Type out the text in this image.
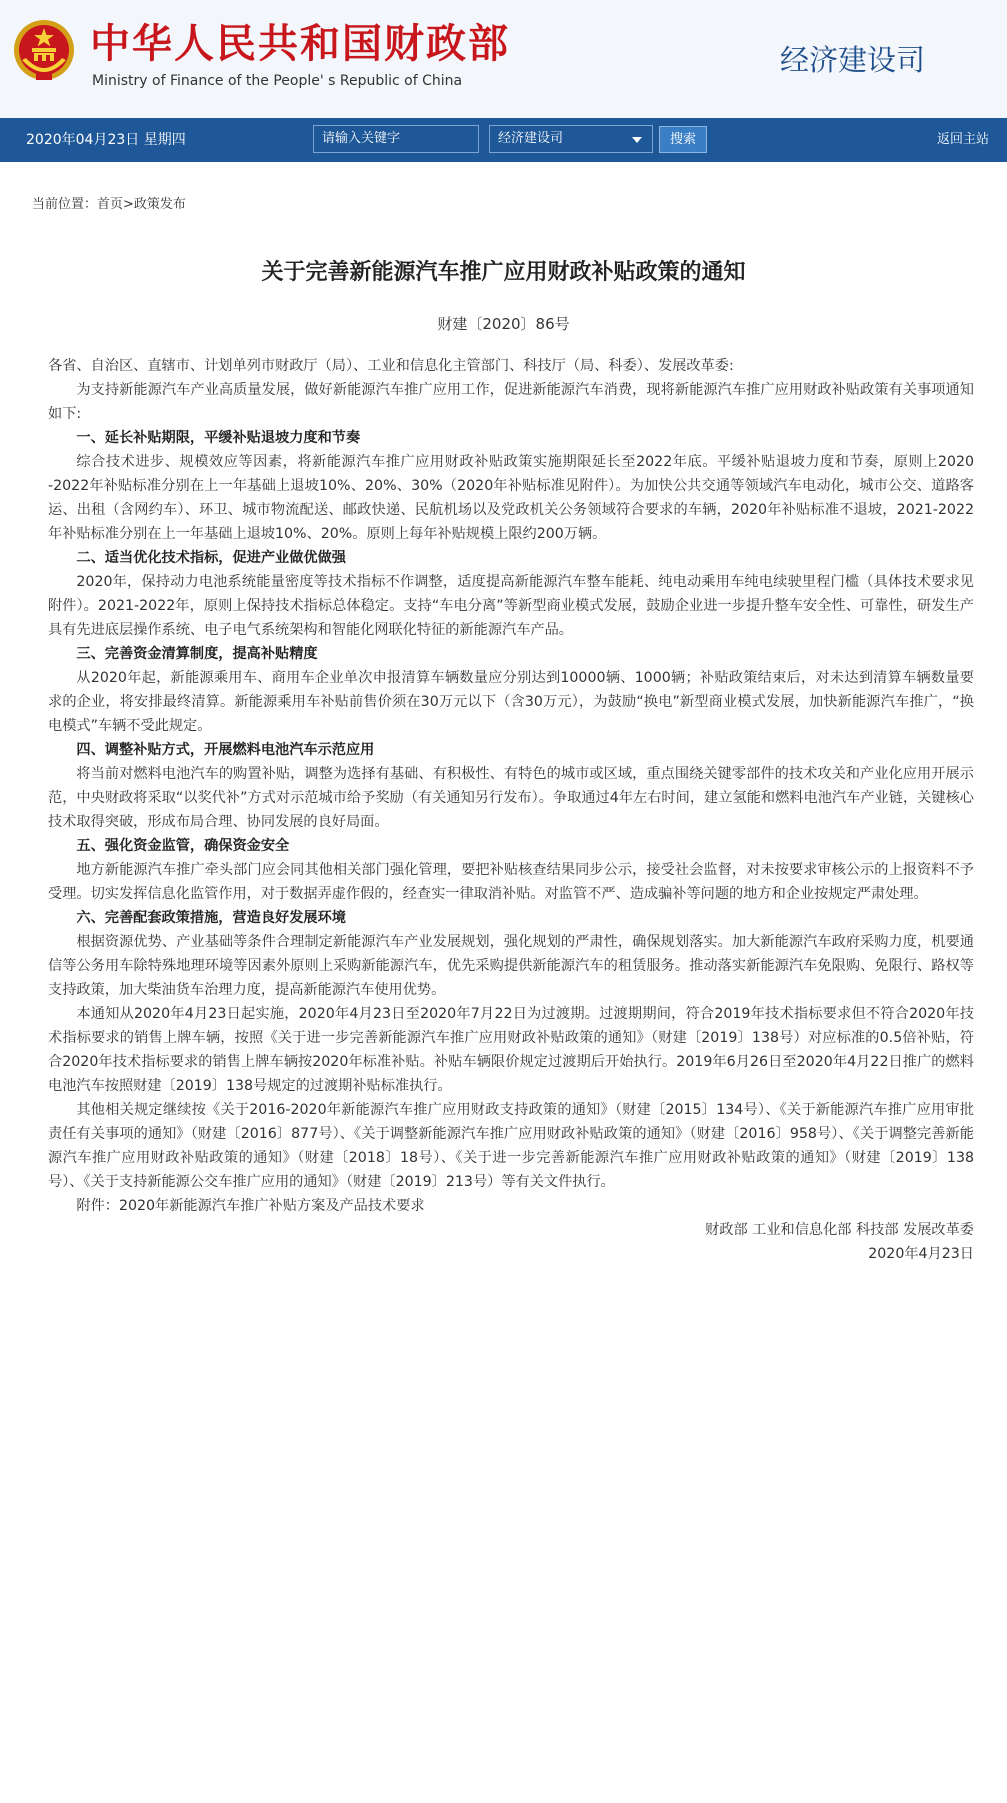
中华人民共和国财政部
Ministry of Finance of the People' s Republic of China
经济建设司
2020年04月23日 星期四	请输入关键字	经济建设司	搜索	返回主站
当前位置：首页>政策发布
关于完善新能源汽车推广应用财政补贴政策的通知
财建〔2020〕86号

各省、自治区、直辖市、计划单列市财政厅（局）、工业和信息化主管部门、科技厅（局、科委）、发展改革委:

为支持新能源汽车产业高质量发展，做好新能源汽车推广应用工作，促进新能源汽车消费，现将新能源汽车推广应用财政补贴政策有关事项通知如下:

一、延长补贴期限，平缓补贴退坡力度和节奏

综合技术进步、规模效应等因素，将新能源汽车推广应用财政补贴政策实施期限延长至2022年底。平缓补贴退坡力度和节奏，原则上2020 -2022年补贴标准分别在上一年基础上退坡10%、20%、30%（2020年补贴标准见附件）。为加快公共交通等领域汽车电动化，城市公交、道路客运、出租（含网约车）、环卫、城市物流配送、邮政快递、民航机场以及党政机关公务领域符合要求的车辆，2020年补贴标准不退坡，2021-2022年补贴标准分别在上一年基础上退坡10%、20%。原则上每年补贴规模上限约200万辆。

二、适当优化技术指标，促进产业做优做强

2020年，保持动力电池系统能量密度等技术指标不作调整，适度提高新能源汽车整车能耗、纯电动乘用车纯电续驶里程门槛（具体技术要求见附件）。2021-2022年，原则上保持技术指标总体稳定。支持“车电分离”等新型商业模式发展，鼓励企业进一步提升整车安全性、可靠性，研发生产具有先进底层操作系统、电子电气系统架构和智能化网联化特征的新能源汽车产品。

三、完善资金清算制度，提高补贴精度

从2020年起，新能源乘用车、商用车企业单次申报清算车辆数量应分别达到10000辆、1000辆；补贴政策结束后，对未达到清算车辆数量要求的企业，将安排最终清算。新能源乘用车补贴前售价须在30万元以下（含30万元），为鼓励“换电”新型商业模式发展，加快新能源汽车推广，“换电模式”车辆不受此规定。

四、调整补贴方式，开展燃料电池汽车示范应用

将当前对燃料电池汽车的购置补贴，调整为选择有基础、有积极性、有特色的城市或区域，重点围绕关键零部件的技术攻关和产业化应用开展示范，中央财政将采取“以奖代补”方式对示范城市给予奖励（有关通知另行发布）。争取通过4年左右时间，建立氢能和燃料电池汽车产业链，关键核心技术取得突破，形成布局合理、协同发展的良好局面。

五、强化资金监管，确保资金安全

地方新能源汽车推广牵头部门应会同其他相关部门强化管理，要把补贴核查结果同步公示，接受社会监督，对未按要求审核公示的上报资料不予受理。切实发挥信息化监管作用，对于数据弄虚作假的，经查实一律取消补贴。对监管不严、造成骗补等问题的地方和企业按规定严肃处理。

六、完善配套政策措施，营造良好发展环境

根据资源优势、产业基础等条件合理制定新能源汽车产业发展规划，强化规划的严肃性，确保规划落实。加大新能源汽车政府采购力度，机要通信等公务用车除特殊地理环境等因素外原则上采购新能源汽车，优先采购提供新能源汽车的租赁服务。推动落实新能源汽车免限购、免限行、路权等支持政策，加大柴油货车治理力度，提高新能源汽车使用优势。

本通知从2020年4月23日起实施，2020年4月23日至2020年7月22日为过渡期。过渡期期间，符合2019年技术指标要求但不符合2020年技术指标要求的销售上牌车辆，按照《关于进一步完善新能源汽车推广应用财政补贴政策的通知》（财建〔2019〕138号）对应标准的0.5倍补贴，符合2020年技术指标要求的销售上牌车辆按2020年标准补贴。补贴车辆限价规定过渡期后开始执行。2019年6月26日至2020年4月22日推广的燃料电池汽车按照财建〔2019〕138号规定的过渡期补贴标准执行。

其他相关规定继续按《关于2016-2020年新能源汽车推广应用财政支持政策的通知》（财建〔2015〕134号）、《关于新能源汽车推广应用审批责任有关事项的通知》（财建〔2016〕877号）、《关于调整新能源汽车推广应用财政补贴政策的通知》（财建〔2016〕958号）、《关于调整完善新能源汽车推广应用财政补贴政策的通知》（财建〔2018〕18号）、《关于进一步完善新能源汽车推广应用财政补贴政策的通知》（财建〔2019〕138号）、《关于支持新能源公交车推广应用的通知》（财建〔2019〕213号）等有关文件执行。

附件：2020年新能源汽车推广补贴方案及产品技术要求

财政部 工业和信息化部 科技部 发展改革委

2020年4月23日
